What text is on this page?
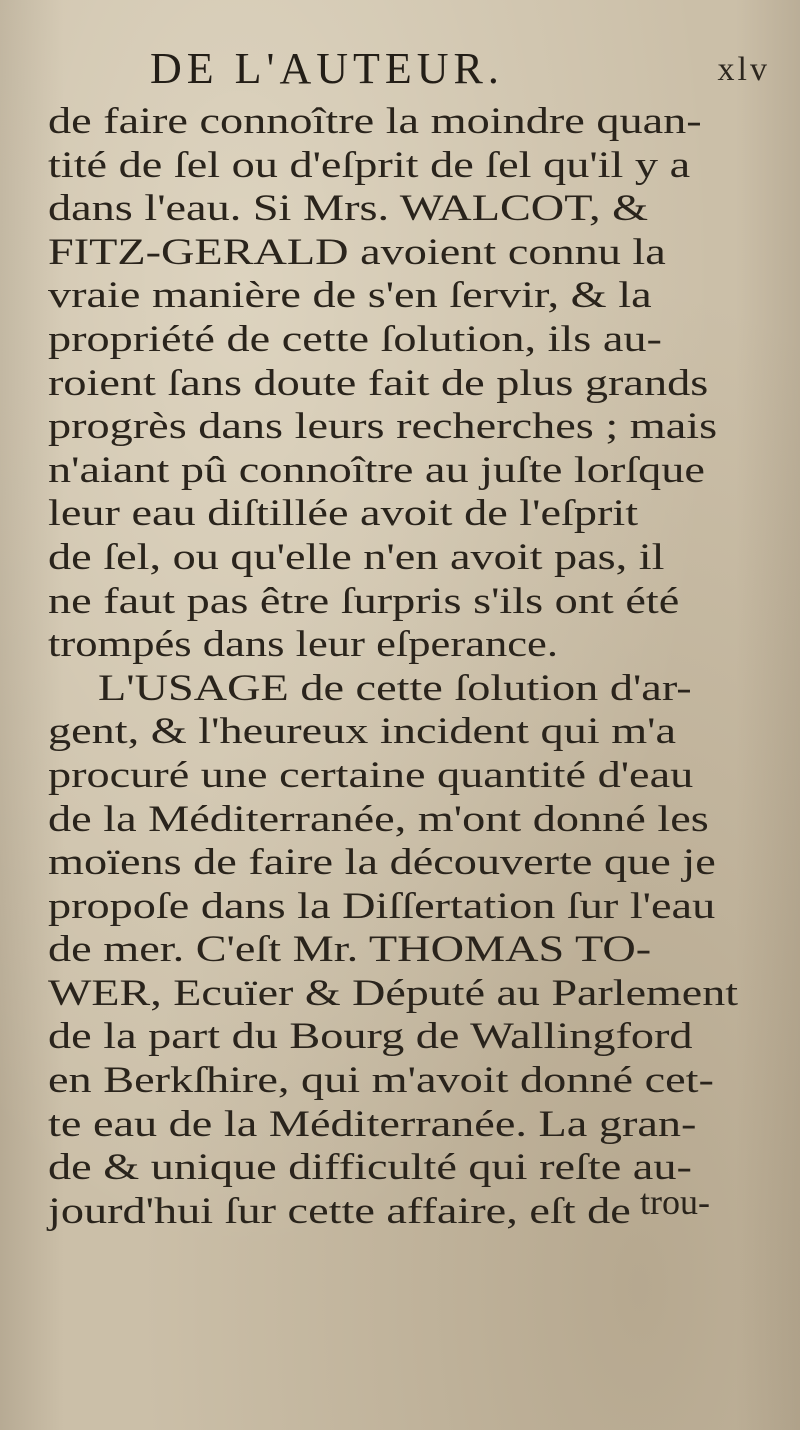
DE L'AUTEUR.	xlv
de faire connoître la moindre quan-
tité de ſel ou d'eſprit de ſel qu'il y a
dans l'eau. Si Mrs. WALCOT, &
FITZ-GERALD avoient connu la
vraie manière de s'en ſervir, & la
propriété de cette ſolution, ils au-
roient ſans doute fait de plus grands
progrès dans leurs recherches ; mais
n'aiant pû connoître au juſte lorſque
leur eau diſtillée avoit de l'eſprit
de ſel, ou qu'elle n'en avoit pas, il
ne faut pas être ſurpris s'ils ont été
trompés dans leur eſperance.
L'USAGE de cette ſolution d'ar-
gent, & l'heureux incident qui m'a
procuré une certaine quantité d'eau
de la Méditerranée, m'ont donné les
moïens de faire la découverte que je
propoſe dans la Diſſertation ſur l'eau
de mer. C'eſt Mr. THOMAS TO-
WER, Ecuïer & Député au Parlement
de la part du Bourg de Wallingford
en Berkſhire, qui m'avoit donné cet-
te eau de la Méditerranée. La gran-
de & unique difficulté qui reſte au-
jourd'hui ſur cette affaire, eſt de trou-
